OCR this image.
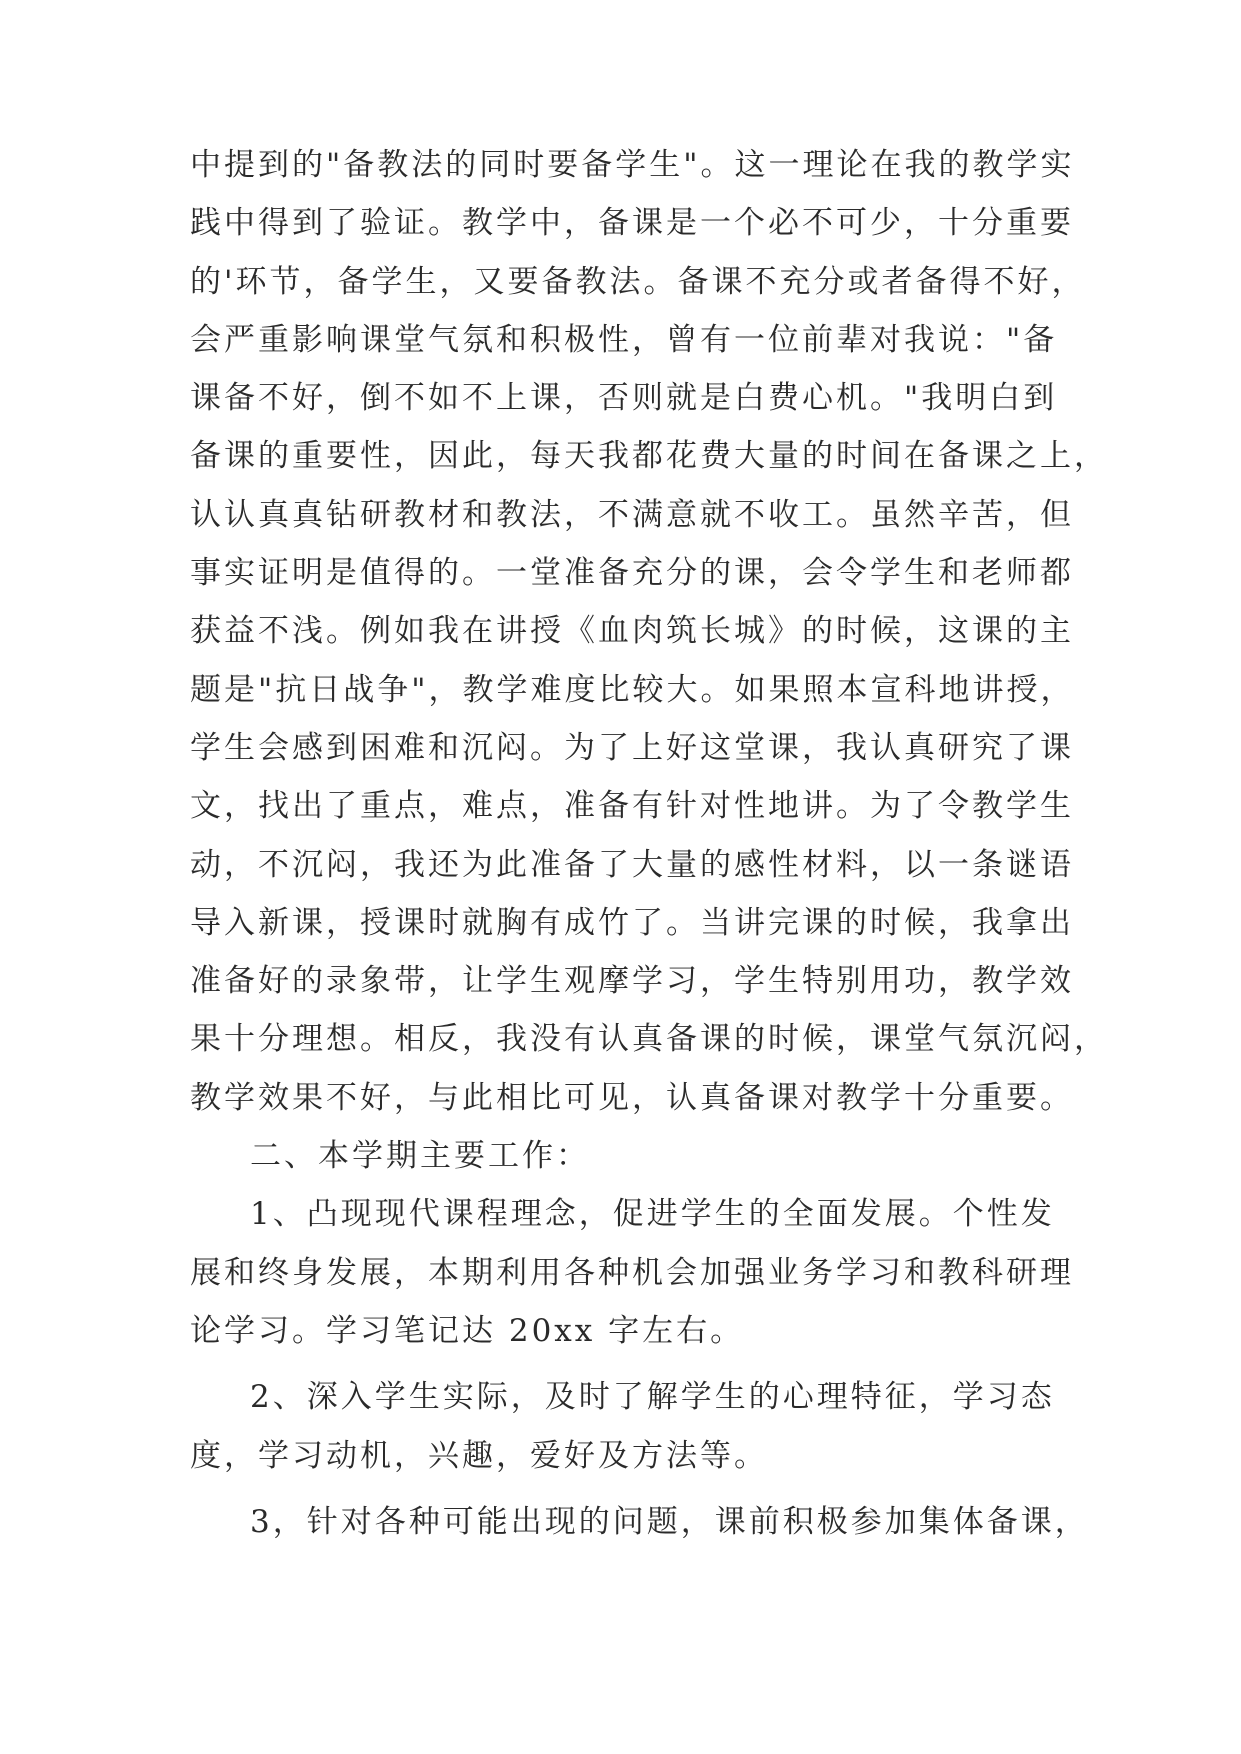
中提到的"备教法的同时要备学生"。这一理论在我的教学实
践中得到了验证。教学中，备课是一个必不可少，十分重要
的'环节，备学生，又要备教法。备课不充分或者备得不好，
会严重影响课堂气氛和积极性，曾有一位前辈对我说："备
课备不好，倒不如不上课，否则就是白费心机。"我明白到
备课的重要性，因此，每天我都花费大量的时间在备课之上，
认认真真钻研教材和教法，不满意就不收工。虽然辛苦，但
事实证明是值得的。一堂准备充分的课，会令学生和老师都
获益不浅。例如我在讲授《血肉筑长城》的时候，这课的主
题是"抗日战争"，教学难度比较大。如果照本宣科地讲授，
学生会感到困难和沉闷。为了上好这堂课，我认真研究了课
文，找出了重点，难点，准备有针对性地讲。为了令教学生
动，不沉闷，我还为此准备了大量的感性材料，以一条谜语
导入新课，授课时就胸有成竹了。当讲完课的时候，我拿出
准备好的录象带，让学生观摩学习，学生特别用功，教学效
果十分理想。相反，我没有认真备课的时候，课堂气氛沉闷，
教学效果不好，与此相比可见，认真备课对教学十分重要。
二、本学期主要工作：
1、凸现现代课程理念，促进学生的全面发展。个性发
展和终身发展，本期利用各种机会加强业务学习和教科研理
论学习。学习笔记达 20xx 字左右。
2、深入学生实际，及时了解学生的心理特征，学习态
度，学习动机，兴趣，爱好及方法等。
3，针对各种可能出现的问题，课前积极参加集体备课，
